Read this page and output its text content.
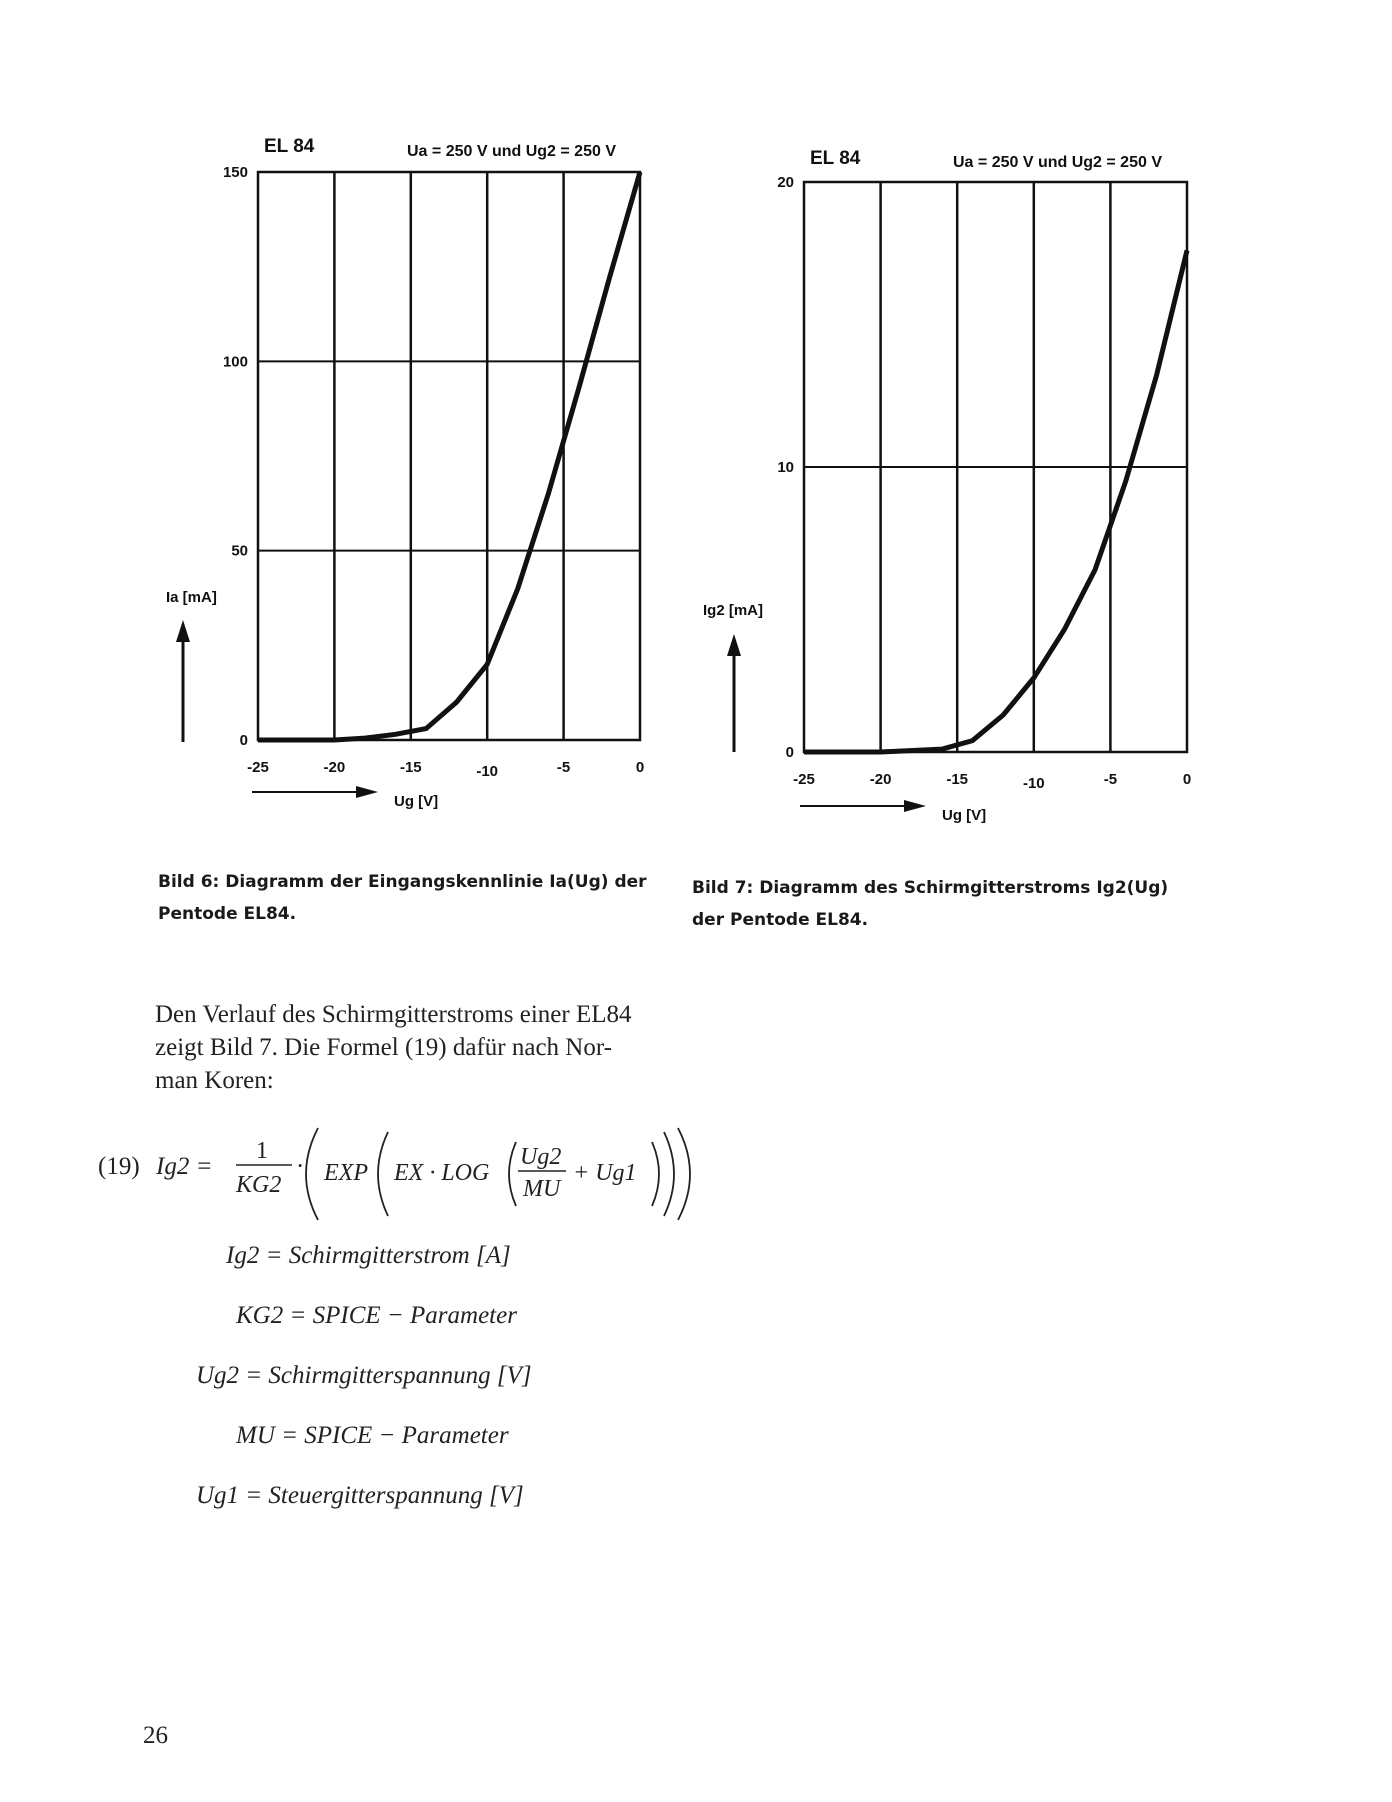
EL 84	Ua = 250 V und Ug2 = 250 V
0
50
100
150
-25	-20	-15	-10	-5	0
Ia [mA]
Ug [V]
EL 84	Ua = 250 V und Ug2 = 250 V
0
10
20
-25	-20	-15	-10	-5	0
Ig2 [mA]
Ug [V]
Bild 6: Diagramm der Eingangskennlinie Ia(Ug) der
Pentode EL84.
Bild 7: Diagramm des Schirmgitterstroms Ig2(Ug)
der Pentode EL84.
Den Verlauf des Schirmgitterstroms einer EL84
zeigt Bild 7. Die Formel (19) dafür nach Nor-
man Koren:
(19) Ig2 =
1
KG2
· EXP EX · LOG
Ug2
MU
+ Ug1
Ig2 = Schirmgitterstrom [A]
KG2 = SPICE − Parameter
Ug2 = Schirmgitterspannung [V]
MU = SPICE − Parameter
Ug1 = Steuergitterspannung [V]
26
